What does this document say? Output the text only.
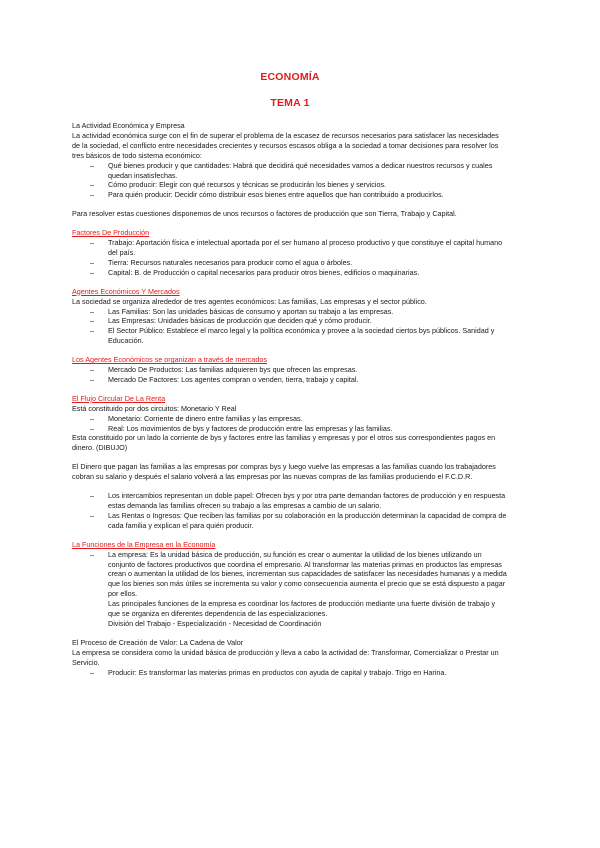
ECONOMÍA
TEMA 1
La Actividad Económica y Empresa

La actividad económica surge con el fin de superar el problema de la escasez de recursos necesarios para satisfacer las necesidades de la sociedad, el conflicto entre necesidades crecientes y recursos escasos obliga a la sociedad a tomar decisiones para resolver los tres básicos de todo sistema económico:

– Qué bienes producir y que cantidades: Habrá que decidirá qué necesidades vamos a dedicar nuestros recursos y cuales quedan insatisfechas.
– Cómo producir: Elegir con qué recursos y técnicas se producirán los bienes y servicios.
– Para quién producir: Decidir cómo distribuir esos bienes entre aquellos que han contribuido a producirlos.

Para resolver estas cuestiones disponemos de unos recursos o factores de producción que son Tierra, Trabajo y Capital.

Factores De Producción
– Trabajo: Aportación física e intelectual aportada por el ser humano al proceso productivo y que constituye el capital humano del país.
– Tierra: Recursos naturales necesarios para producir como el agua o árboles.
– Capital: B. de Producción o capital necesarios para producir otros bienes, edificios o maquinarias.
Agentes Económicos Y Mercados

La sociedad se organiza alrededor de tres agentes económicos: Las familias, Las empresas y el sector público.

– Las Familias: Son las unidades básicas de consumo y aportan su trabajo a las empresas.
– Las Empresas: Unidades básicas de producción que deciden qué y cómo producir.
– El Sector Público: Establece el marco legal y la política económica y provee a la sociedad ciertos bys públicos. Sanidad y Educación.
Los Agentes Económicos se organizan a través de mercados
– Mercado De Productos: Las familias adquieren bys que ofrecen las empresas.
– Mercado De Factores: Los agentes compran o venden, tierra, trabajo y capital.
El Flujo Circular De La Renta

Está constituido por dos circuitos: Monetario Y Real

– Monetario: Corriente de dinero entre familias y las empresas.
– Real: Los movimientos de bys y factores de producción entre las empresas y las familias.

Esta constituido por un lado la corriente de bys y factores entre las familias y empresas y por el otros sus correspondientes pagos en dinero. (DIBUJO)

El Dinero que pagan las familias a las empresas por compras bys y luego vuelve las empresas a las familias cuando los trabajadores cobran su salario y después el salario volverá a las empresas por las nuevas compras de las familias produciendo el F.C.D.R.

– Los intercambios representan un doble papel: Ofrecen bys y por otra parte demandan factores de producción y en respuesta estas demanda las familias ofrecen su trabajo a las empresas a cambio de un salario.
– Las Rentas o Ingresos: Que reciben las familias por su colaboración en la producción determinan la capacidad de compra de cada familia y explican el para quién producir.
La Funciones de la Empresa en la Economía
– La empresa: Es la unidad básica de producción, su función es crear o aumentar la utilidad de los bienes utilizando un conjunto de factores productivos que coordina el empresario. Al transformar las materias primas en productos las empresas crean o aumentan la utilidad de los bienes, incrementan sus capacidades de satisfacer las necesidades humanas y a medida que los bienes son más útiles se incrementa su valor y como consecuencia aumenta el precio que se está dispuesto a pagar por ellos.

Las principales funciones de la empresa es coordinar los factores de producción mediante una fuerte división de trabajo y que se organiza en diferentes dependencia de las especializaciones.

División del Trabajo - Especialización - Necesidad de Coordinación

El Proceso de Creación de Valor: La Cadena de Valor

La empresa se considera como la unidad básica de producción y lleva a cabo la actividad de: Transformar, Comercializar o Prestar un Servicio.

– Producir: Es transformar las materias primas en productos con ayuda de capital y trabajo. Trigo en Harina.
